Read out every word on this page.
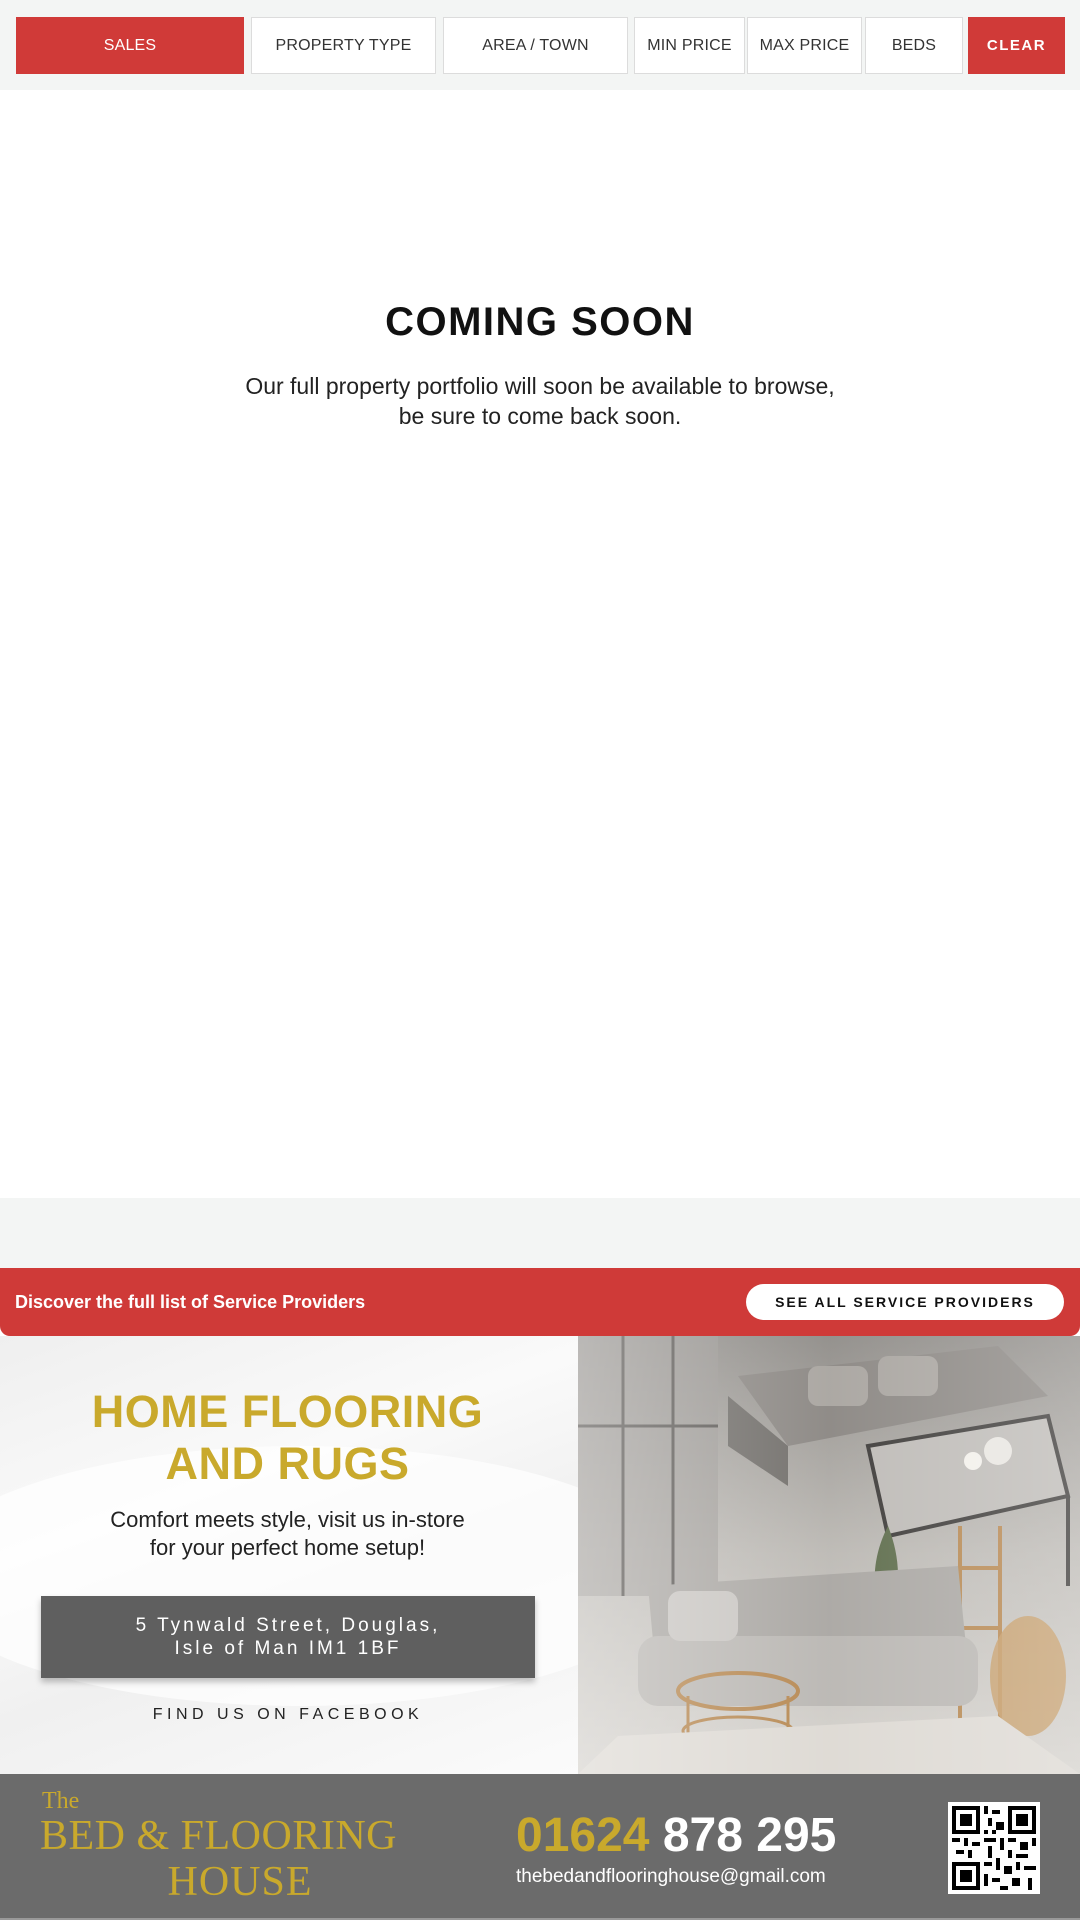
SALES	PROPERTY TYPE	AREA / TOWN	MIN PRICE	MAX PRICE	BEDS	CLEAR
COMING SOON

Our full property portfolio will soon be available to browse, be sure to come back soon.

Discover the full list of Service Providers	SEE ALL SERVICE PROVIDERS
HOME FLOORING
AND RUGS
Comfort meets style, visit us in-store
for your perfect home setup!
5 Tynwald Street, Douglas,
Isle of Man IM1 1BF
FIND US ON FACEBOOK
The
BED & FLOORING
HOUSE
01624 878 295
thebedandflooringhouse@gmail.com
